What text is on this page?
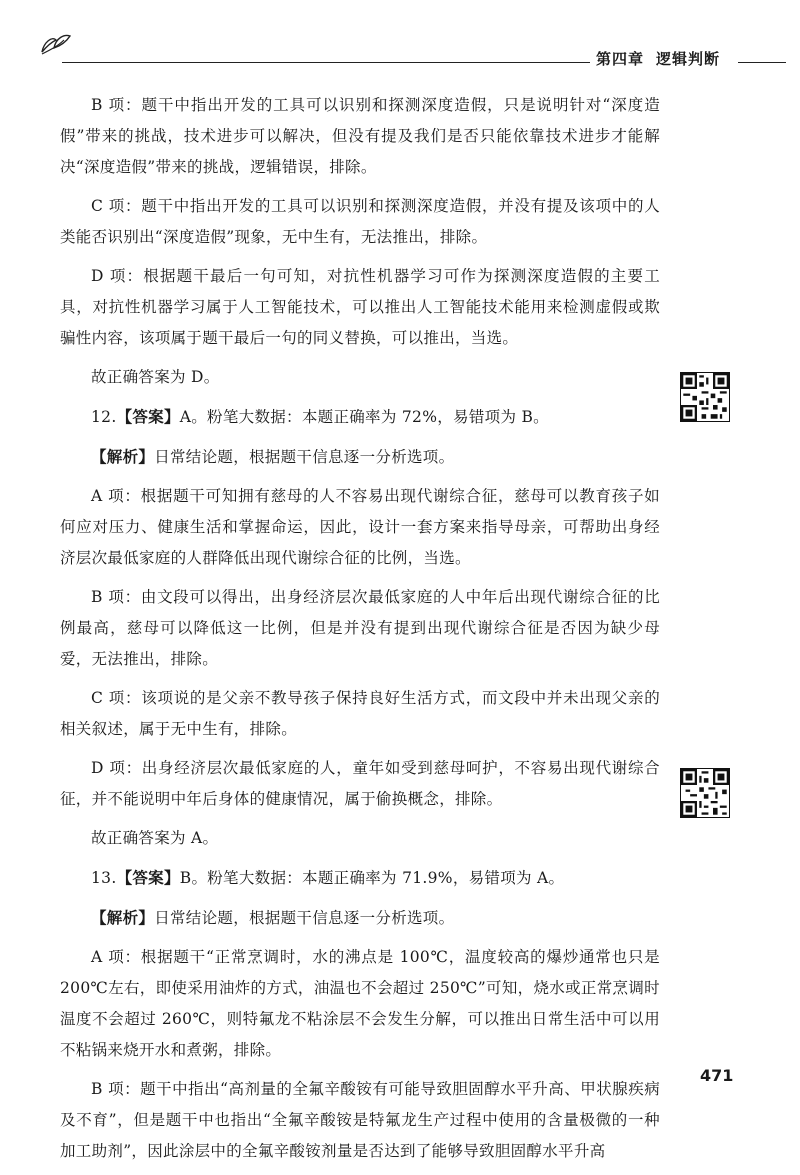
第四章 逻辑判断

B 项：题干中指出开发的工具可以识别和探测深度造假，只是说明针对“深度造假”带来的挑战，技术进步可以解决，但没有提及我们是否只能依靠技术进步才能解决“深度造假”带来的挑战，逻辑错误，排除。

C 项：题干中指出开发的工具可以识别和探测深度造假，并没有提及该项中的人类能否识别出“深度造假”现象，无中生有，无法推出，排除。

D 项：根据题干最后一句可知，对抗性机器学习可作为探测深度造假的主要工具，对抗性机器学习属于人工智能技术，可以推出人工智能技术能用来检测虚假或欺骗性内容，该项属于题干最后一句的同义替换，可以推出，当选。

故正确答案为 D。

12.【答案】A。粉笔大数据：本题正确率为 72%，易错项为 B。

【解析】日常结论题，根据题干信息逐一分析选项。

A 项：根据题干可知拥有慈母的人不容易出现代谢综合征，慈母可以教育孩子如何应对压力、健康生活和掌握命运，因此，设计一套方案来指导母亲，可帮助出身经济层次最低家庭的人群降低出现代谢综合征的比例，当选。

B 项：由文段可以得出，出身经济层次最低家庭的人中年后出现代谢综合征的比例最高，慈母可以降低这一比例，但是并没有提到出现代谢综合征是否因为缺少母爱，无法推出，排除。

C 项：该项说的是父亲不教导孩子保持良好生活方式，而文段中并未出现父亲的相关叙述，属于无中生有，排除。

D 项：出身经济层次最低家庭的人，童年如受到慈母呵护，不容易出现代谢综合征，并不能说明中年后身体的健康情况，属于偷换概念，排除。

故正确答案为 A。

13.【答案】B。粉笔大数据：本题正确率为 71.9%，易错项为 A。

【解析】日常结论题，根据题干信息逐一分析选项。

A 项：根据题干“正常烹调时，水的沸点是 100℃，温度较高的爆炒通常也只是 200℃左右，即使采用油炸的方式，油温也不会超过 250℃”可知，烧水或正常烹调时温度不会超过 260℃，则特氟龙不粘涂层不会发生分解，可以推出日常生活中可以用不粘锅来烧开水和煮粥，排除。

B 项：题干中指出“高剂量的全氟辛酸铵有可能导致胆固醇水平升高、甲状腺疾病及不育”，但是题干中也指出“全氟辛酸铵是特氟龙生产过程中使用的含量极微的一种加工助剂”，因此涂层中的全氟辛酸铵剂量是否达到了能够导致胆固醇水平升高

471
